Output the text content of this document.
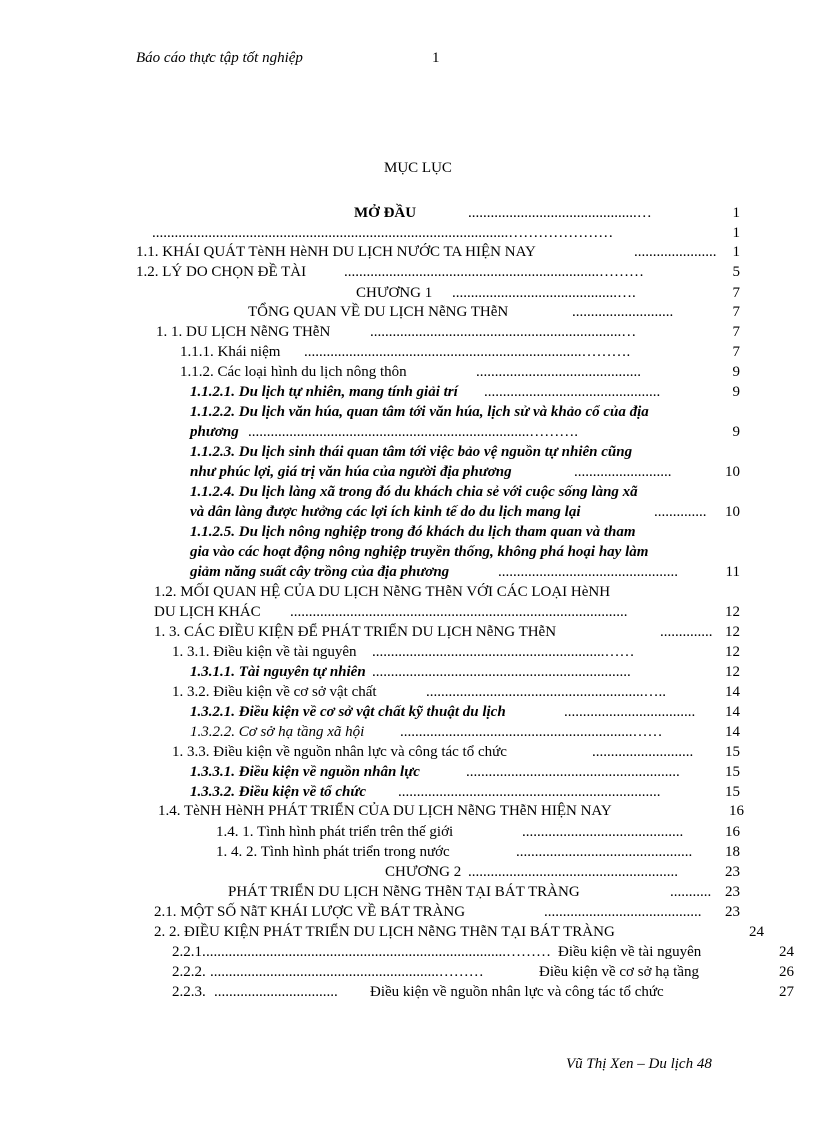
Báo cáo thực tập tốt nghiệp	1
MỤC LỤC
MỞ ĐẦU	.............................................…	1
...............................................................................................…………………	1
1.1. KHÁI QUÁT TèNH HèNH DU LỊCH NƯỚC TA HIỆN NAY	......................	1
1.2. LÝ DO CHỌN ĐỀ TÀI	....................................................................………	5
CHƯƠNG 1 ............................................….	7
TỔNG QUAN VỀ DU LỊCH NễNG THễN	...........................	7
1. 1. DU LỊCH NễNG THễN	...................................................................…	7
1.1.1. Khái niệm ..........................................................................……….	7
1.1.2. Các loại hình du lịch nông thôn	............................................	9
1.1.2.1. Du lịch tự nhiên, mang tính giải trí ...............................................	9
1.1.2.2. Du lịch văn húa, quan tâm tới văn húa, lịch sử và khảo cổ của địa
phương ...........................................................................……….	9
1.1.2.3. Du lịch sinh thái quan tâm tới việc bảo vệ nguồn tự nhiên cũng
như phúc lợi, giá trị văn húa của người địa phương	..........................	10
1.1.2.4. Du lịch làng xã trong đó du khách chia sẻ với cuộc sống làng xã
và dân làng được hưởng các lợi ích kinh tế do du lịch mang lại	..............	10
1.1.2.5. Du lịch nông nghiệp trong đó khách du lịch tham quan và tham
gia vào các hoạt động nông nghiệp truyền thống, không phá hoại hay làm
giảm năng suất cây trồng của địa phương	................................................	11
1.2. MỐI QUAN HỆ CỦA DU LỊCH NễNG THễN VỚI CÁC LOẠI HèNH
DU LỊCH KHÁC ..........................................................................................	12
1. 3. CÁC ĐIỀU KIỆN ĐỂ PHÁT TRIỂN DU LỊCH NễNG THễN	.............. 12
1. 3.1. Điều kiện về tài nguyên ..............................................................……	12
1.3.1.1. Tài nguyên tự nhiên .....................................................................	12
1. 3.2. Điều kiện về cơ sở vật chất	..........................................................…..	14
1.3.2.1. Điều kiện về cơ sở vật chất kỹ thuật du lịch	...................................	14
1.3.2.2. Cơ sở hạ tầng xã hội ..............................................................……	14
1. 3.3. Điều kiện về nguồn nhân lực và công tác tổ chức	...........................	15
1.3.3.1. Điều kiện về nguồn nhân lực	.........................................................	15
1.3.3.2. Điều kiện về tổ chức ......................................................................	15
1.4. TèNH HèNH PHÁT TRIỂN CỦA DU LỊCH NễNG THễN HIỆN NAY	16
1.4. 1. Tình hình phát triển trên thế giới	...........................................	16
1. 4. 2. Tình hình phát triển trong nước	...............................................	18
........................................................
CHƯƠNG 2	23
PHÁT TRIỂN DU LỊCH NễNG THễN TẠI BÁT TRÀNG	........... 23
2.1. MỘT SỐ NẫT KHÁI LƯỢC VỀ BÁT TRÀNG	..........................................	23
2. 2. ĐIỀU KIỆN PHÁT TRIỂN DU LỊCH NễNG THễN TẠI BÁT TRÀNG	24
2.2.1. ................................................................................……… Điều kiện về tài nguyên	24
2.2.2. .............................................................………	Điều kiện về cơ sở hạ tầng	26
2.2.3. ................................. Điều kiện về nguồn nhân lực và công tác tổ chức	27
Vũ Thị Xen – Du lịch 48
